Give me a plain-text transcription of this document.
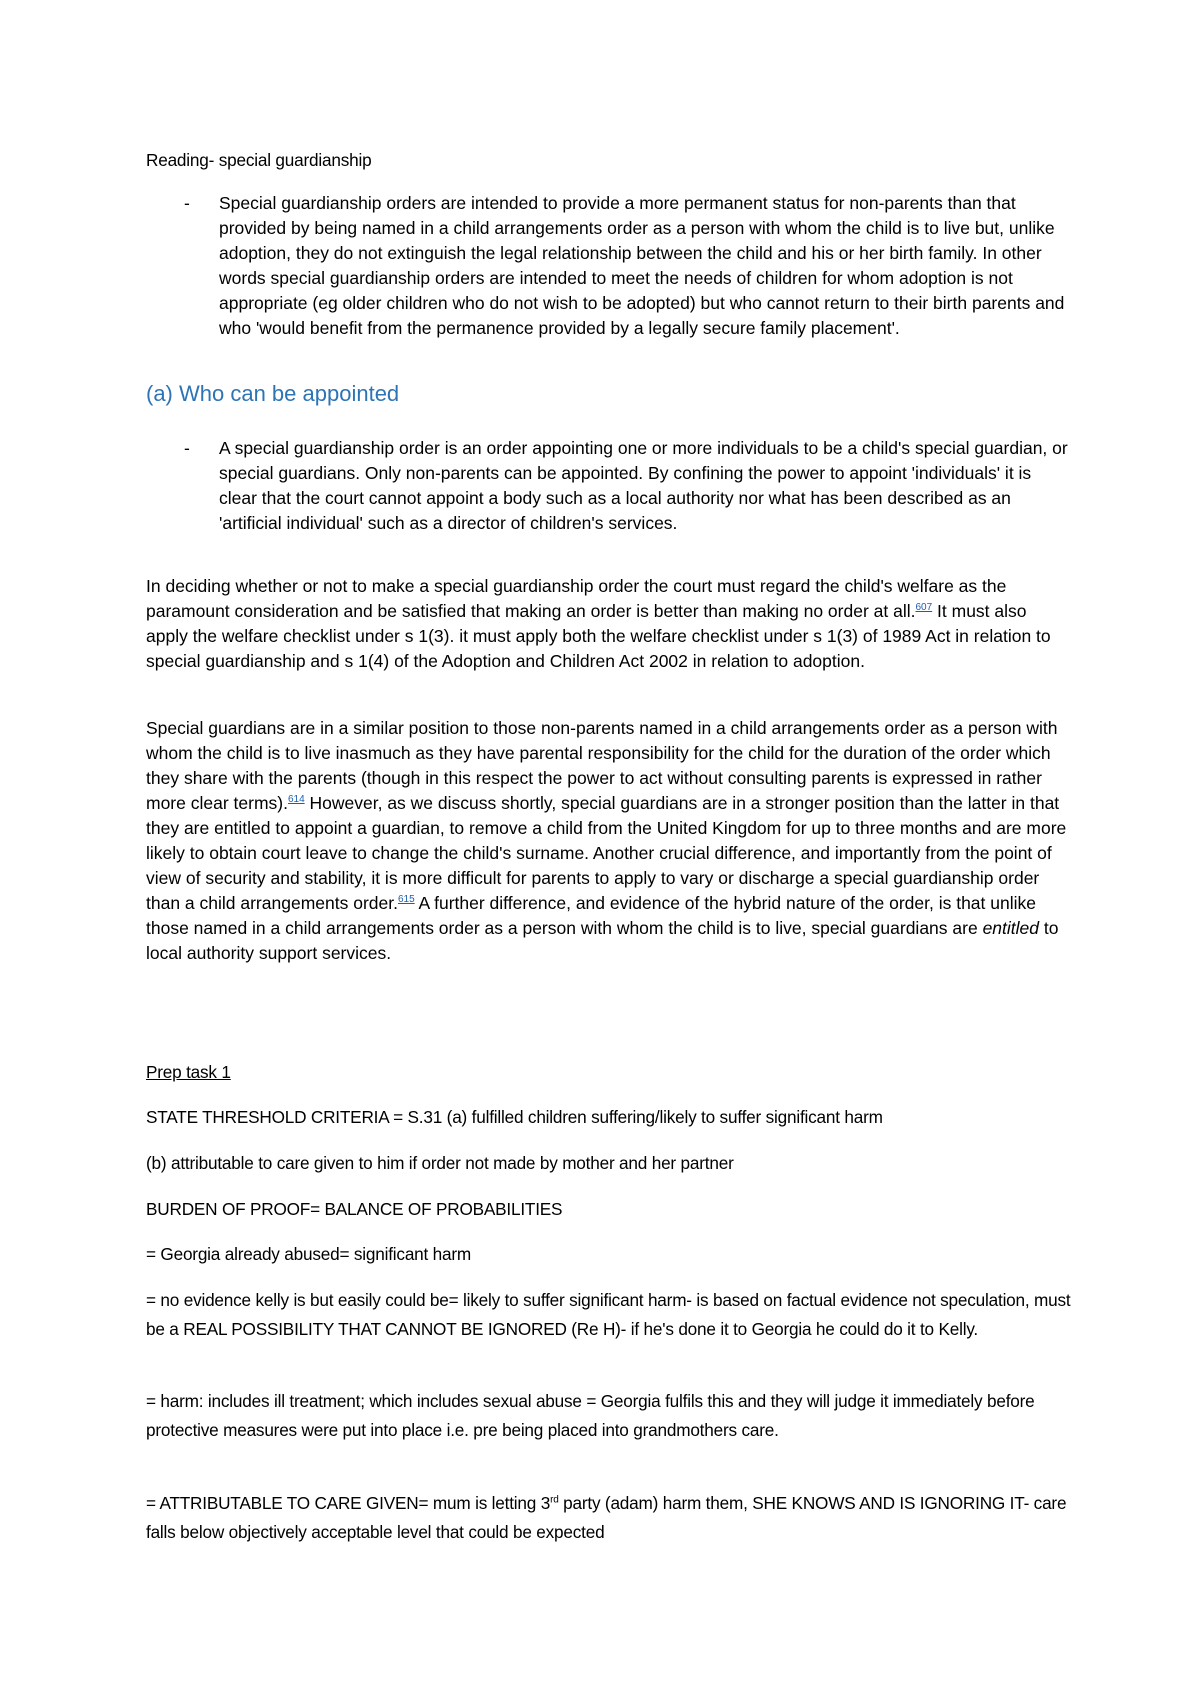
Reading- special guardianship
- Special guardianship orders are intended to provide a more permanent status for non-parents than that provided by being named in a child arrangements order as a person with whom the child is to live but, unlike adoption, they do not extinguish the legal relationship between the child and his or her birth family. In other words special guardianship orders are intended to meet the needs of children for whom adoption is not appropriate (eg older children who do not wish to be adopted) but who cannot return to their birth parents and who 'would benefit from the permanence provided by a legally secure family placement'.
(a) Who can be appointed
- A special guardianship order is an order appointing one or more individuals to be a child's special guardian, or special guardians. Only non-parents can be appointed. By confining the power to appoint 'individuals' it is clear that the court cannot appoint a body such as a local authority nor what has been described as an 'artificial individual' such as a director of children's services.
In deciding whether or not to make a special guardianship order the court must regard the child's welfare as the paramount consideration and be satisfied that making an order is better than making no order at all.$^{607}$ It must also apply the welfare checklist under s 1(3). it must apply both the welfare checklist under s 1(3) of 1989 Act in relation to special guardianship and s 1(4) of the Adoption and Children Act 2002 in relation to adoption.
Special guardians are in a similar position to those non-parents named in a child arrangements order as a person with whom the child is to live inasmuch as they have parental responsibility for the child for the duration of the order which they share with the parents (though in this respect the power to act without consulting parents is expressed in rather more clear terms).$^{614}$ However, as we discuss shortly, special guardians are in a stronger position than the latter in that they are entitled to appoint a guardian, to remove a child from the United Kingdom for up to three months and are more likely to obtain court leave to change the child's surname. Another crucial difference, and importantly from the point of view of security and stability, it is more difficult for parents to apply to vary or discharge a special guardianship order than a child arrangements order.$^{615}$ A further difference, and evidence of the hybrid nature of the order, is that unlike those named in a child arrangements order as a person with whom the child is to live, special guardians are entitled to local authority support services.
Prep task 1
STATE THRESHOLD CRITERIA = S.31 (a) fulfilled children suffering/likely to suffer significant harm
(b) attributable to care given to him if order not made by mother and her partner
BURDEN OF PROOF= BALANCE OF PROBABILITIES
= Georgia already abused= significant harm
= no evidence kelly is but easily could be= likely to suffer significant harm- is based on factual evidence not speculation, must be a REAL POSSIBILITY THAT CANNOT BE IGNORED (Re H)- if he's done it to Georgia he could do it to Kelly.
= harm: includes ill treatment; which includes sexual abuse = Georgia fulfils this and they will judge it immediately before protective measures were put into place i.e. pre being placed into grandmothers care.
= ATTRIBUTABLE TO CARE GIVEN= mum is letting 3rd party (adam) harm them, SHE KNOWS AND IS IGNORING IT- care falls below objectively acceptable level that could be expected
